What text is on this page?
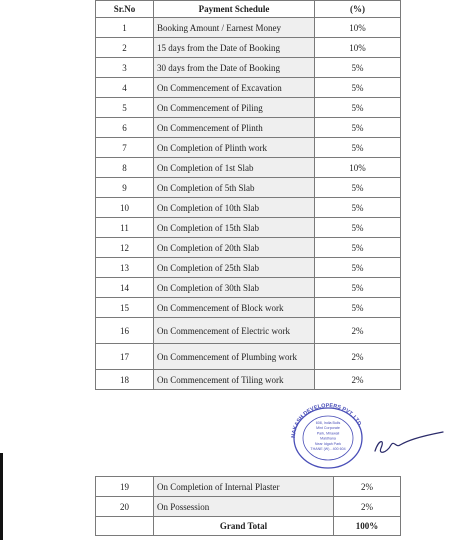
Sr.No	Payment Schedule	(%)
1	Booking Amount / Earnest Money	10%
2	15 days from the Date of Booking	10%
3	30 days from the Date of Booking	5%
4	On Commencement of Excavation	5%
5	On Commencement of Piling	5%
6	On Commencement of Plinth	5%
7	On Completion of Plinth work	5%
8	On Completion of 1st Slab	10%
9	On Completion of 5th Slab	5%
10	On Completion of 10th Slab	5%
11	On Completion of 15th Slab	5%
12	On Completion of 20th Slab	5%
13	On Completion of 25th Slab	5%
14	On Completion of 30th Slab	5%
15	On Commencement of Block work	5%
16	On Commencement of Electric work	2%
17	On Commencement of Plumbing work	2%
18	On Commencement of Tiling work	2%
19	On Completion of Internal Plaster	2%
20	On Possession	2%
	Grand Total	100%
NAKASH DEVELOPERS PVT. LTD.
608, India Bulls
Mint Corporate
Park, Mirawali
Maldhana
Near Idgah Park
THANE (W) - 400 604
